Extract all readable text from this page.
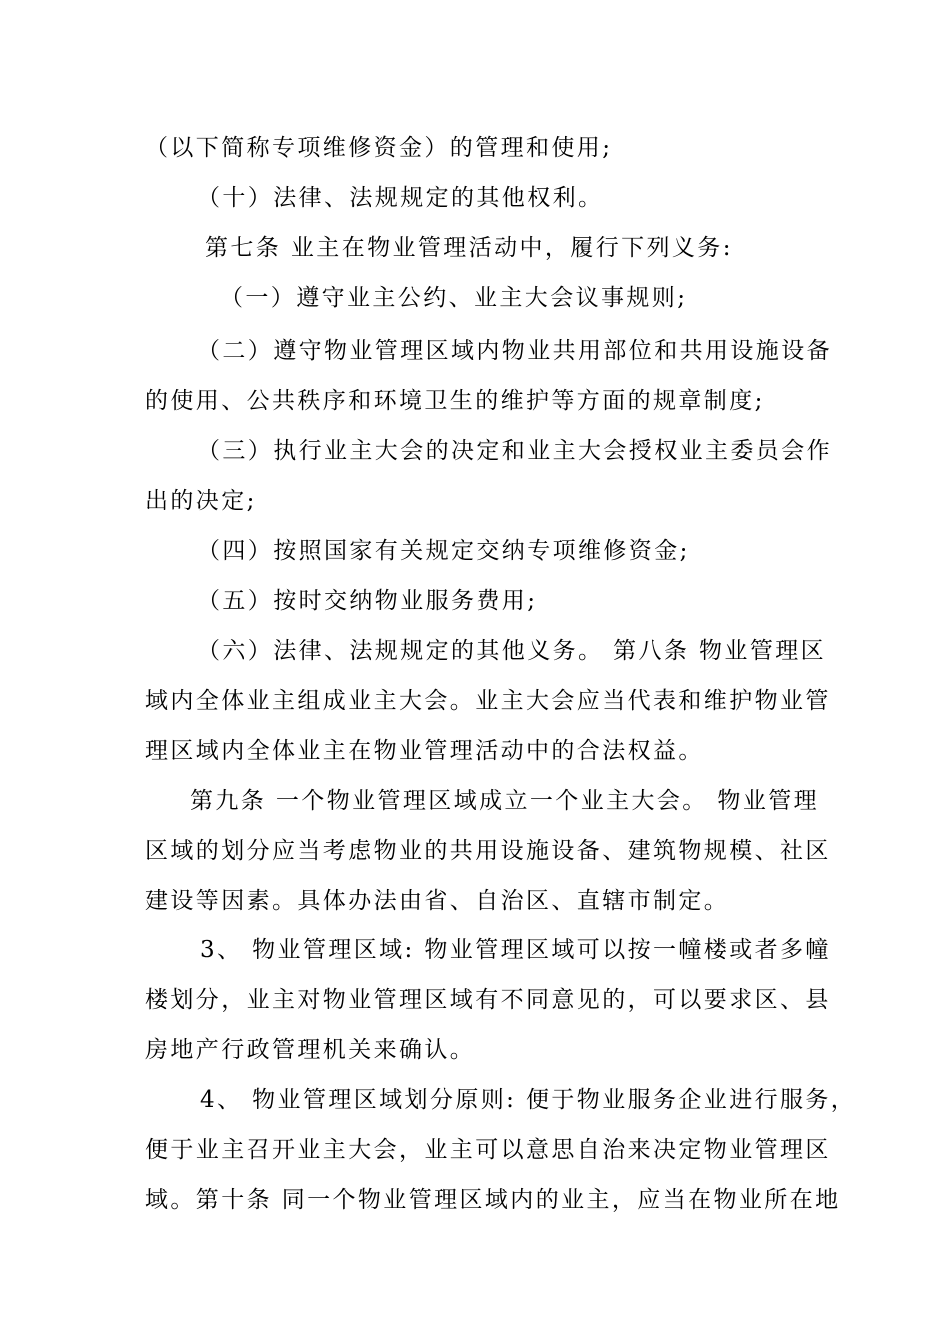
（以下简称专项维修资金）的管理和使用;
（十）法律、法规规定的其他权利。
第七条 业主在物业管理活动中，履行下列义务:
（一）遵守业主公约、业主大会议事规则;
（二）遵守物业管理区域内物业共用部位和共用设施设备
的使用、公共秩序和环境卫生的维护等方面的规章制度;
（三）执行业主大会的决定和业主大会授权业主委员会作
出的决定;
（四）按照国家有关规定交纳专项维修资金;
（五）按时交纳物业服务费用;
（六）法律、法规规定的其他义务。 第八条 物业管理区
域内全体业主组成业主大会。业主大会应当代表和维护物业管
理区域内全体业主在物业管理活动中的合法权益。
第九条 一个物业管理区域成立一个业主大会。 物业管理
区域的划分应当考虑物业的共用设施设备、建筑物规模、社区
建设等因素。具体办法由省、自治区、直辖市制定。
3、 物业管理区域: 物业管理区域可以按一幢楼或者多幢
楼划分，业主对物业管理区域有不同意见的，可以要求区、县
房地产行政管理机关来确认。
4、 物业管理区域划分原则: 便于物业服务企业进行服务，
便于业主召开业主大会，业主可以意思自治来决定物业管理区
域。第十条 同一个物业管理区域内的业主，应当在物业所在地
